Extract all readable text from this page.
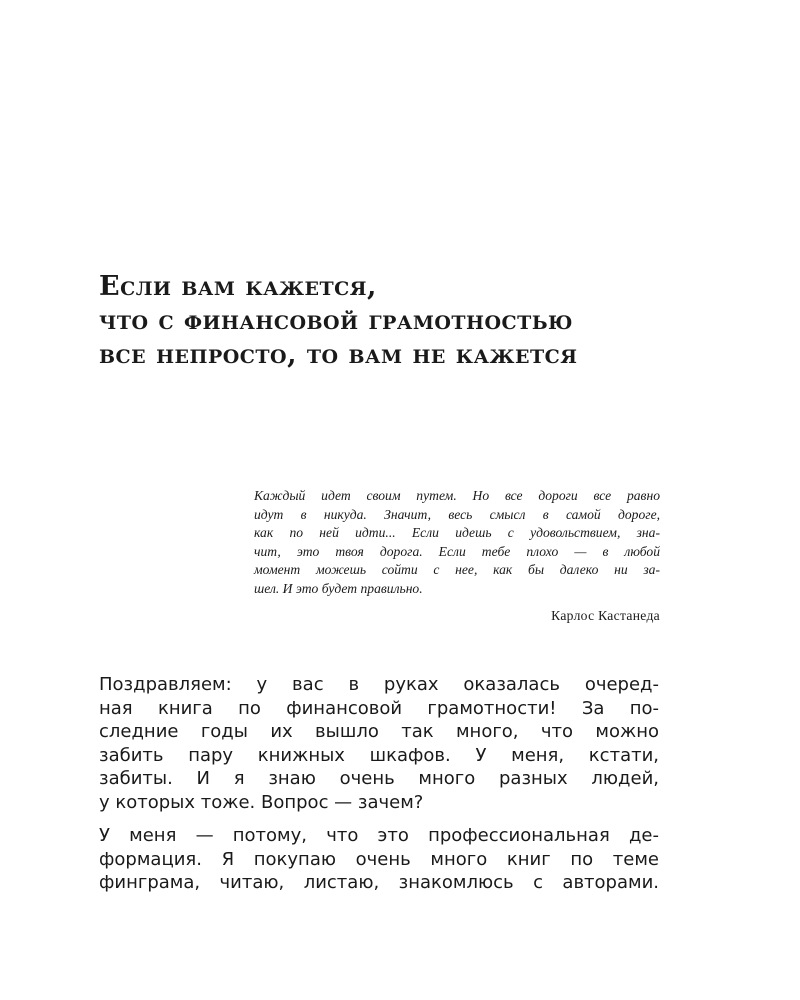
Если вам кажется,
что с финансовой грамотностью
все непросто, то вам не кажется
Каждый идет своим путем. Но все дороги все равно
идут в никуда. Значит, весь смысл в самой дороге,
как по ней идти... Если идешь с удовольствием, зна-
чит, это твоя дорога. Если тебе плохо — в любой
момент можешь сойти с нее, как бы далеко ни за-
шел. И это будет правильно.
Карлос Кастанеда

Поздравляем: у вас в руках оказалась очеред-
ная книга по финансовой грамотности! За по-
следние годы их вышло так много, что можно
забить пару книжных шкафов. У меня, кстати,
забиты. И я знаю очень много разных людей,
у которых тоже. Вопрос — зачем?

У меня — потому, что это профессиональная де-
формация. Я покупаю очень много книг по теме
финграма, читаю, листаю, знакомлюсь с авторами.
